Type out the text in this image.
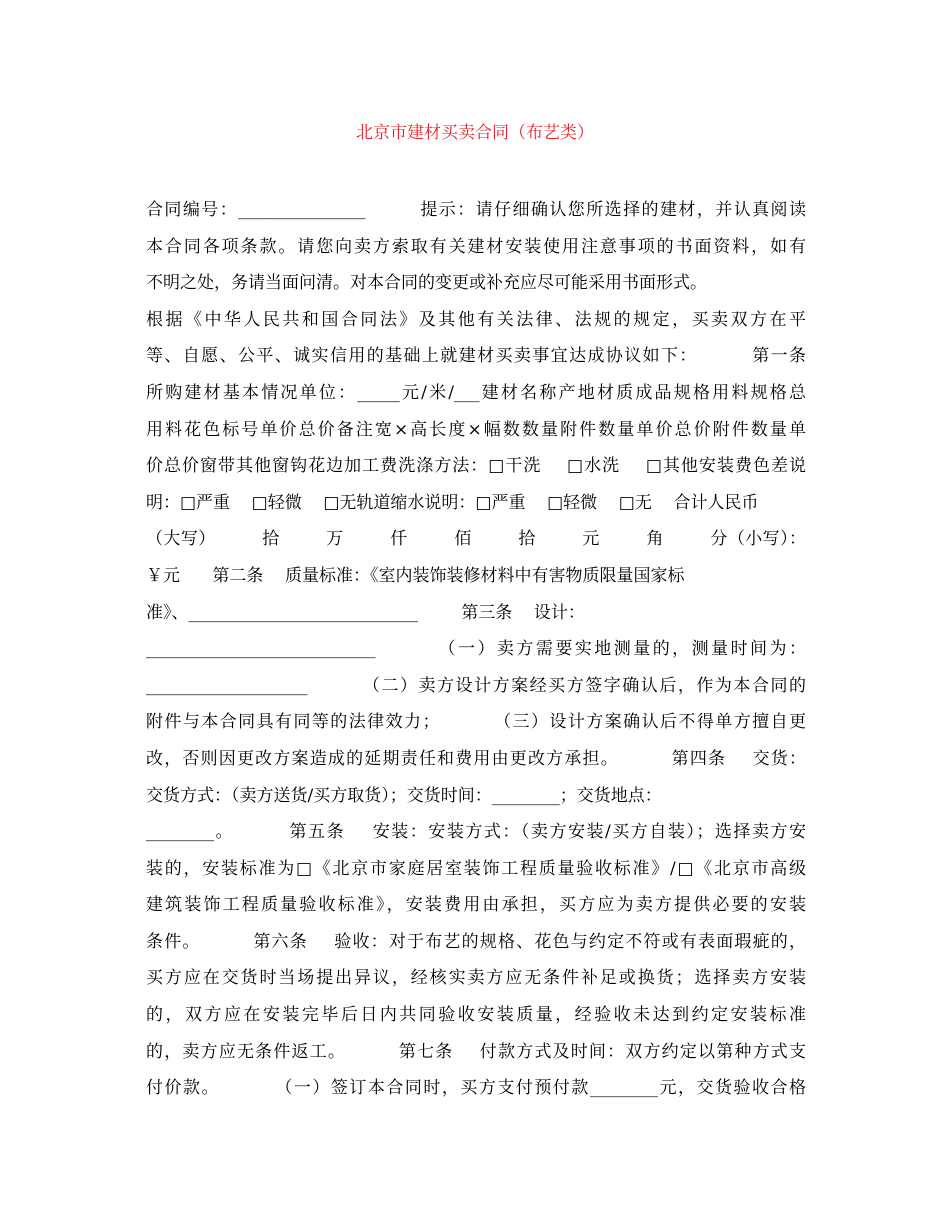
北京市建材买卖合同（布艺类）
合同编号：_______________        提示：请仔细确认您所选择的建材，并认真阅读
本合同各项条款。请您向卖方索取有关建材安装使用注意事项的书面资料，如有
不明之处，务请当面问清。对本合同的变更或补充应尽可能采用书面形式。
根据《中华人民共和国合同法》及其他有关法律、法规的规定，买卖双方在平
等、自愿、公平、诚实信用的基础上就建材买卖事宜达成协议如下：        第一条
所购建材基本情况单位：_____元/米/___建材名称产地材质成品规格用料规格总
用料花色标号单价总价备注宽×高长度×幅数数量附件数量单价总价附件数量单
价总价窗带其他窗钩花边加工费洗涤方法：□干洗    □水洗    □其他安装费色差说
明：□严重    □轻微    □无轨道缩水说明：□严重    □轻微    □无    合计人民币
（大写）        拾        万        仟        佰        拾        元        角        分（小写）：
￥元      第二条    质量标准：《室内装饰装修材料中有害物质限量国家标
准》、___________________________        第三条    设计：
___________________________        （一）卖方需要实地测量的，测量时间为：
___________________        （二）卖方设计方案经买方签字确认后，作为本合同的
附件与本合同具有同等的法律效力；        （三）设计方案确认后不得单方擅自更
改，否则因更改方案造成的延期责任和费用由更改方承担。        第四条    交货：
交货方式：（卖方送货/买方取货）；交货时间：________；交货地点：
________。        第五条    安装：安装方式：（卖方安装/买方自装）；选择卖方安
装的，安装标准为□《北京市家庭居室装饰工程质量验收标准》/□《北京市高级
建筑装饰工程质量验收标准》，安装费用由承担，买方应为卖方提供必要的安装
条件。        第六条    验收：对于布艺的规格、花色与约定不符或有表面瑕疵的，
买方应在交货时当场提出异议，经核实卖方应无条件补足或换货；选择卖方安装
的，双方应在安装完毕后日内共同验收安装质量，经验收未达到约定安装标准
的，卖方应无条件返工。        第七条    付款方式及时间：双方约定以第种方式支
付价款。        （一）签订本合同时，买方支付预付款________元，交货验收合格
